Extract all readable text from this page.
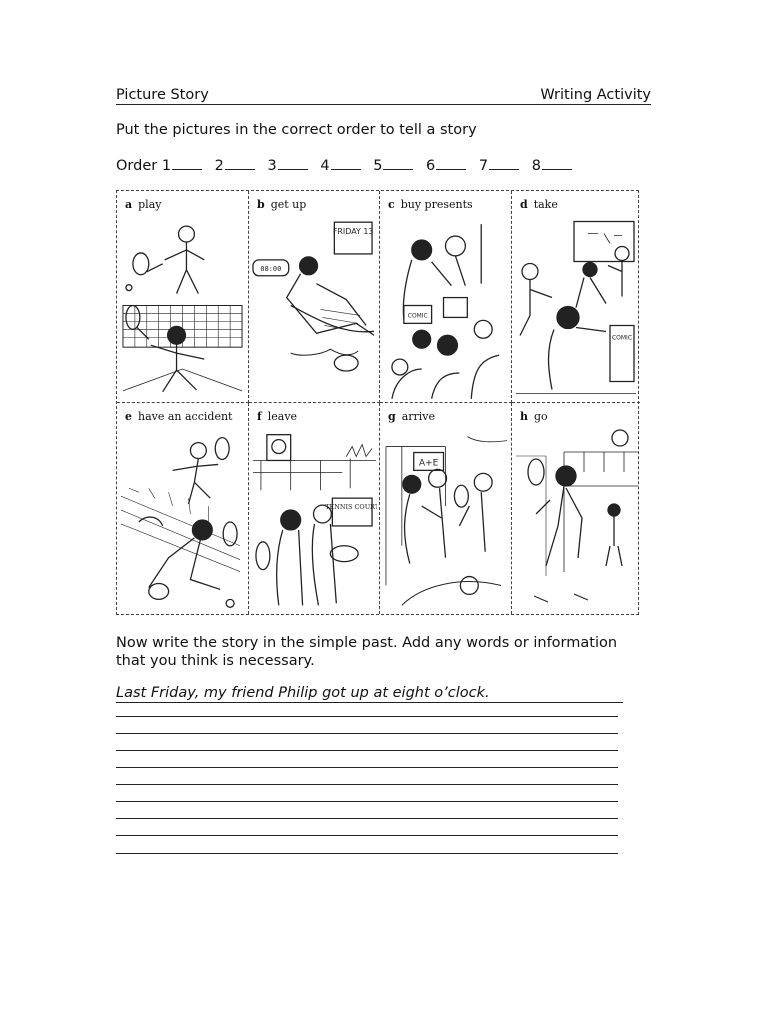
Picture Story	Writing Activity
Put the pictures in the correct order to tell a story
Order 1	2	3	4	5	6	7	8
a play	b get up
FRIDAY 13
08:00
c buy presents
COMIC
d take
COMIC
e have an accident f leave
TENNIS COURT
g arrive
A+E
h go
Now write the story in the simple past. Add any words or information that you think is necessary.
Last Friday, my friend Philip got up at eight o’clock.
